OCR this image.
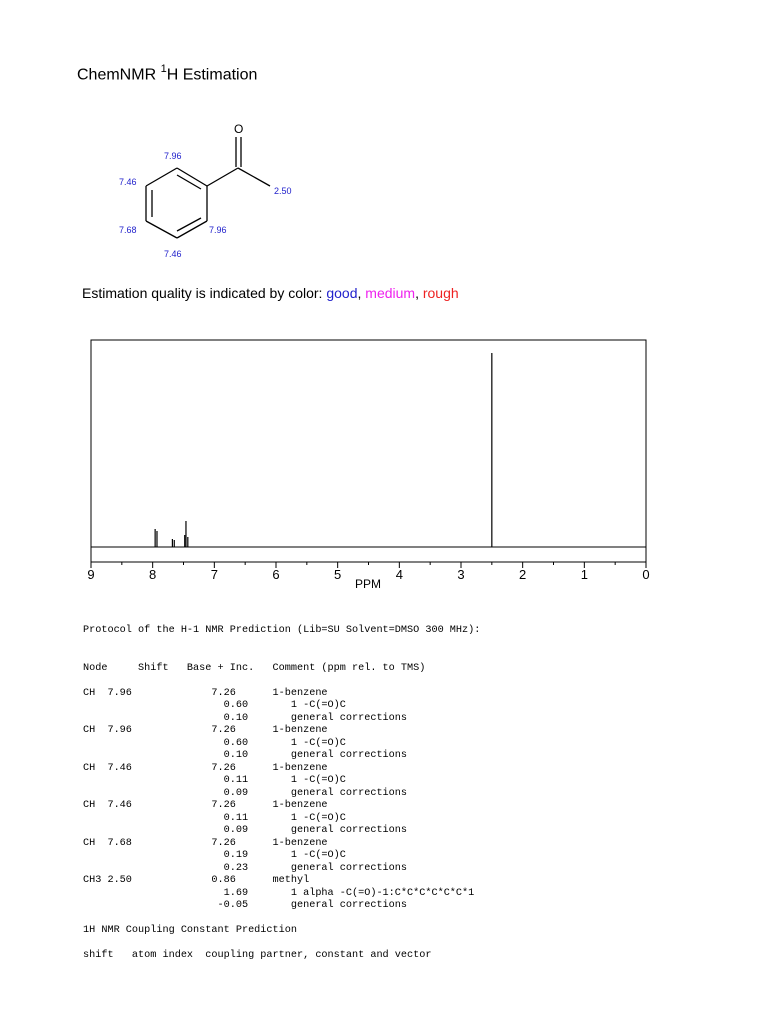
ChemNMR $^1$H Estimation
O
7.96
7.46
7.68
7.46
7.96
2.50
Estimation quality is indicated by color: good, medium, rough
9	8	7	6	5	4	3	2	1	0
PPM
Protocol of the H-1 NMR Prediction (Lib=SU Solvent=DMSO 300 MHz):
Node     Shift   Base + Inc.   Comment (ppm rel. to TMS)
CH  7.96             7.26      1-benzene
0.60       1 -C(=O)C
0.10       general corrections
CH  7.96             7.26      1-benzene
0.60       1 -C(=O)C
0.10       general corrections
CH  7.46             7.26      1-benzene
0.11       1 -C(=O)C
0.09       general corrections
CH  7.46             7.26      1-benzene
0.11       1 -C(=O)C
0.09       general corrections
CH  7.68             7.26      1-benzene
0.19       1 -C(=O)C
0.23       general corrections
CH3 2.50             0.86      methyl
1.69       1 alpha -C(=O)-1:C*C*C*C*C*C*1
-0.05       general corrections
1H NMR Coupling Constant Prediction
shift   atom index  coupling partner, constant and vector
